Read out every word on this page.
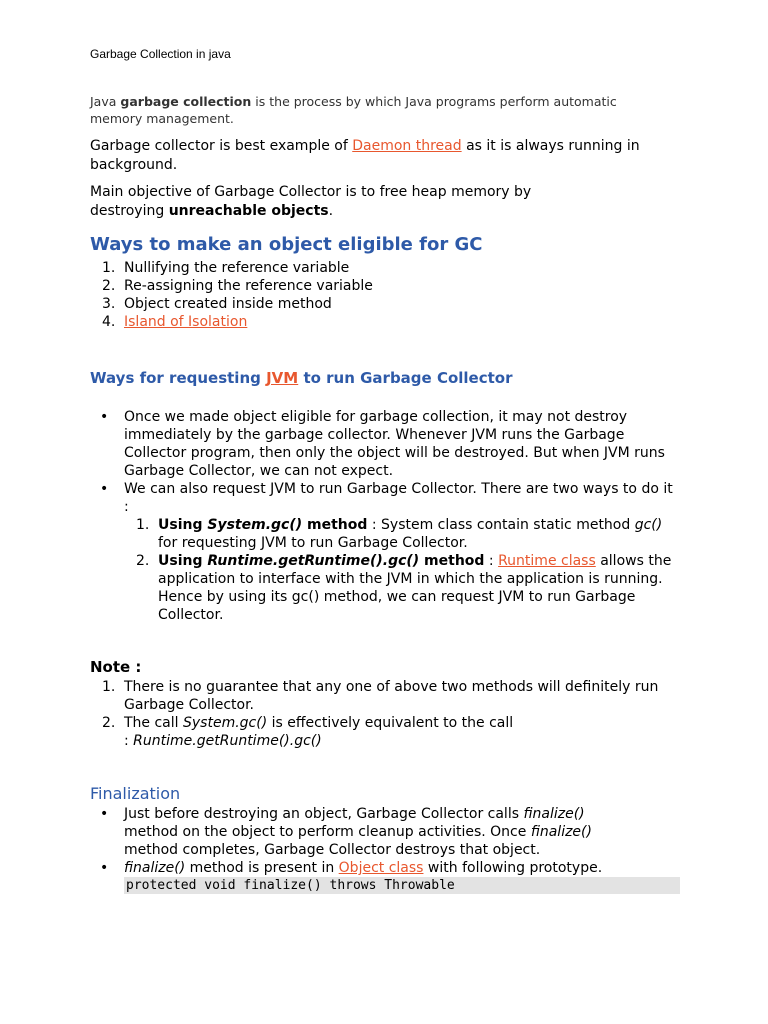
Garbage Collection in java
Java garbage collection is the process by which Java programs perform automatic memory management.
Garbage collector is best example of Daemon thread as it is always running in background.
Main objective of Garbage Collector is to free heap memory by destroying unreachable objects.
Ways to make an object eligible for GC
1. Nullifying the reference variable
2. Re-assigning the reference variable
3. Object created inside method
4. Island of Isolation
Ways for requesting JVM to run Garbage Collector
• Once we made object eligible for garbage collection, it may not destroy immediately by the garbage collector. Whenever JVM runs the Garbage Collector program, then only the object will be destroyed. But when JVM runs Garbage Collector, we can not expect.
• We can also request JVM to run Garbage Collector. There are two ways to do it :
1. Using System.gc() method : System class contain static method gc() for requesting JVM to run Garbage Collector.
2. Using Runtime.getRuntime().gc() method : Runtime class allows the application to interface with the JVM in which the application is running. Hence by using its gc() method, we can request JVM to run Garbage Collector.
Note :
1. There is no guarantee that any one of above two methods will definitely run Garbage Collector.
2. The call System.gc() is effectively equivalent to the call : Runtime.getRuntime().gc()
Finalization
• Just before destroying an object, Garbage Collector calls finalize() method on the object to perform cleanup activities. Once finalize() method completes, Garbage Collector destroys that object.
• finalize() method is present in Object class with following prototype.
protected void finalize() throws Throwable
